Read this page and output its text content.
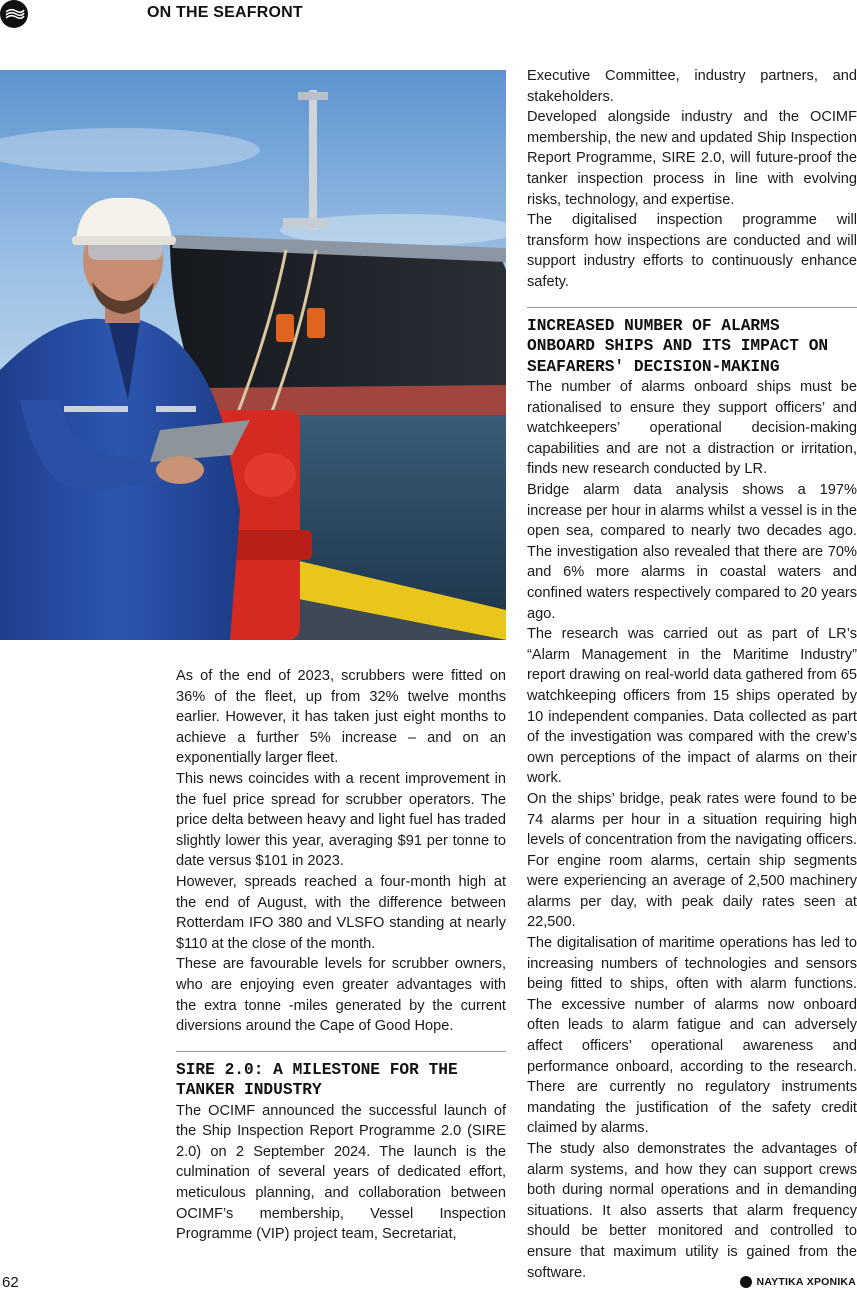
ON THE SEAFRONT

As of the end of 2023, scrubbers were fitted on 36% of the fleet, up from 32% twelve months earlier. However, it has taken just eight months to achieve a further 5% increase – and on an exponentially larger fleet.

This news coincides with a recent improvement in the fuel price spread for scrubber operators. The price delta between heavy and light fuel has traded slightly lower this year, averaging $91 per tonne to date versus $101 in 2023.

However, spreads reached a four-month high at the end of August, with the difference between Rotterdam IFO 380 and VLSFO standing at nearly $110 at the close of the month.

These are favourable levels for scrubber owners, who are enjoying even greater advantages with the extra tonne -miles generated by the current diversions around the Cape of Good Hope.

SIRE 2.0: A MILESTONE FOR THE TANKER INDUSTRY

The OCIMF announced the successful launch of the Ship Inspection Report Programme 2.0 (SIRE 2.0) on 2 September 2024. The launch is the culmination of several years of dedicated effort, meticulous planning, and collaboration between OCIMF’s membership, Vessel Inspection Programme (VIP) project team, Secretariat,

Executive Committee, industry partners, and stakeholders.

Developed alongside industry and the OCIMF membership, the new and updated Ship Inspection Report Programme, SIRE 2.0, will future-proof the tanker inspection process in line with evolving risks, technology, and expertise.

The digitalised inspection programme will transform how inspections are conducted and will support industry efforts to continuously enhance safety.

INCREASED NUMBER OF ALARMS ONBOARD SHIPS AND ITS IMPACT ON SEAFARERS' DECISION-MAKING

The number of alarms onboard ships must be rationalised to ensure they support officers’ and watchkeepers’ operational decision-making capabilities and are not a distraction or irritation, finds new research conducted by LR.

Bridge alarm data analysis shows a 197% increase per hour in alarms whilst a vessel is in the open sea, compared to nearly two decades ago. The investigation also revealed that there are 70% and 6% more alarms in coastal waters and confined waters respectively compared to 20 years ago.

The research was carried out as part of LR’s “Alarm Management in the Maritime Industry” report drawing on real-world data gathered from 65 watchkeeping officers from 15 ships operated by 10 independent companies. Data collected as part of the investigation was compared with the crew’s own perceptions of the impact of alarms on their work.

On the ships’ bridge, peak rates were found to be 74 alarms per hour in a situation requiring high levels of concentration from the navigating officers. For engine room alarms, certain ship segments were experiencing an average of 2,500 machinery alarms per day, with peak daily rates seen at 22,500.

The digitalisation of maritime operations has led to increasing numbers of technologies and sensors being fitted to ships, often with alarm functions. The excessive number of alarms now onboard often leads to alarm fatigue and can adversely affect officers’ operational awareness and performance onboard, according to the research. There are currently no regulatory instruments mandating the justification of the safety credit claimed by alarms.

The study also demonstrates the advantages of alarm systems, and how they can support crews both during normal operations and in demanding situations. It also asserts that alarm frequency should be better monitored and controlled to ensure that maximum utility is gained from the software.

62	ΝΑΥΤΙΚΑ ΧΡΟΝΙΚΑ
